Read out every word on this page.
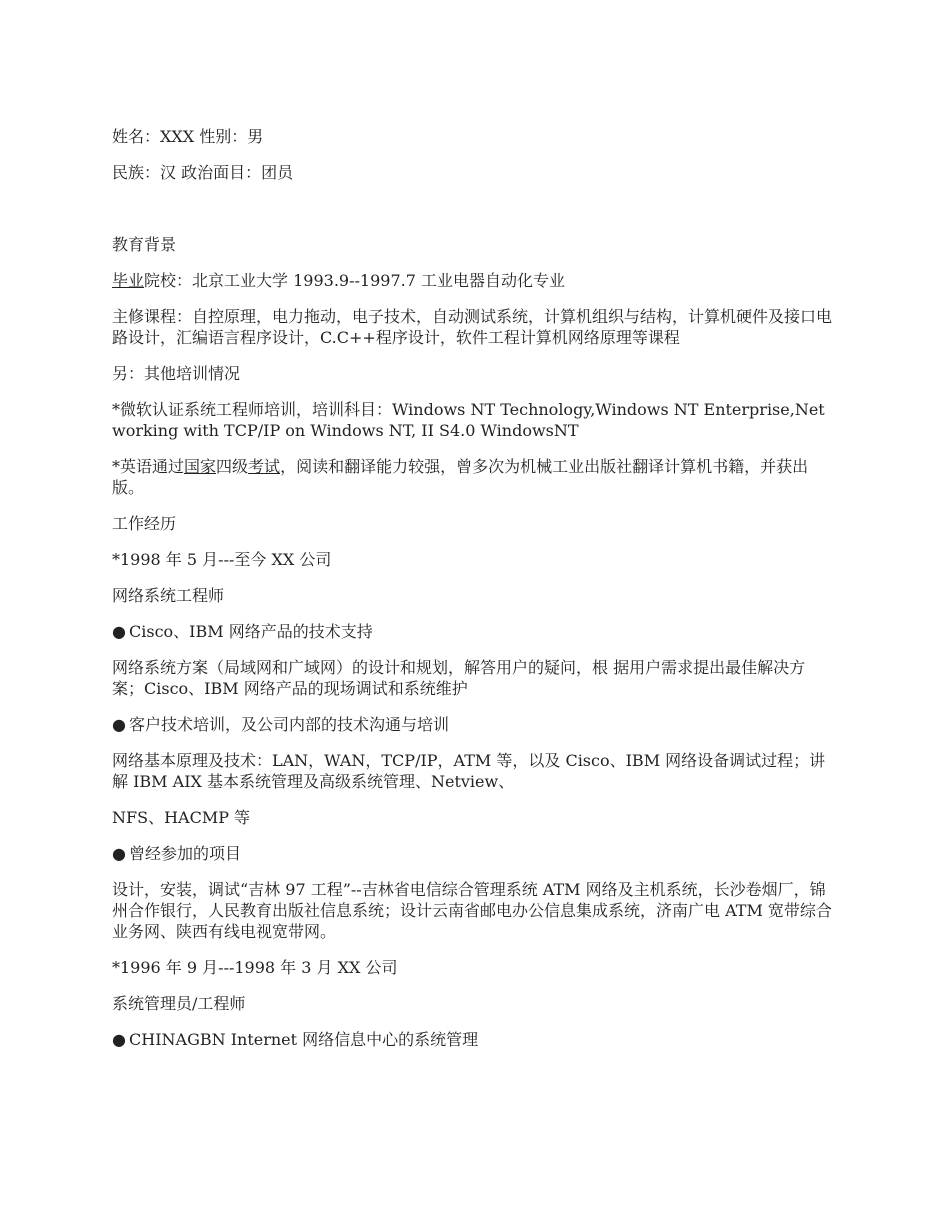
姓名：XXX 性别：男

民族：汉 政治面目：团员

教育背景

毕业院校：北京工业大学 1993.9--1997.7 工业电器自动化专业

主修课程：自控原理，电力拖动，电子技术，自动测试系统，计算机组织与结构，计算机硬件及接口电路设计，汇编语言程序设计，C.C++程序设计，软件工程计算机网络原理等课程

另：其他培训情况

*微软认证系统工程师培训，培训科目：Windows NT Technology,Windows NT Enterprise,Networking with TCP/IP on Windows NT, II S4.0 WindowsNT

*英语通过国家四级考试，阅读和翻译能力较强，曾多次为机械工业出版社翻译计算机书籍，并获出版。

工作经历

*1998 年 5 月---至今 XX 公司

网络系统工程师

● Cisco、IBM 网络产品的技术支持

网络系统方案（局域网和广域网）的设计和规划，解答用户的疑问，根 据用户需求提出最佳解决方案；Cisco、IBM 网络产品的现场调试和系统维护

● 客户技术培训，及公司内部的技术沟通与培训

网络基本原理及技术：LAN，WAN，TCP/IP，ATM 等，以及 Cisco、IBM 网络设备调试过程；讲解 IBM AIX 基本系统管理及高级系统管理、Netview、

NFS、HACMP 等

● 曾经参加的项目

设计，安装，调试“吉林 97 工程”--吉林省电信综合管理系统 ATM 网络及主机系统，长沙卷烟厂，锦州合作银行，人民教育出版社信息系统；设计云南省邮电办公信息集成系统，济南广电 ATM 宽带综合业务网、陕西有线电视宽带网。

*1996 年 9 月---1998 年 3 月 XX 公司

系统管理员/工程师

● CHINAGBN Internet 网络信息中心的系统管理
